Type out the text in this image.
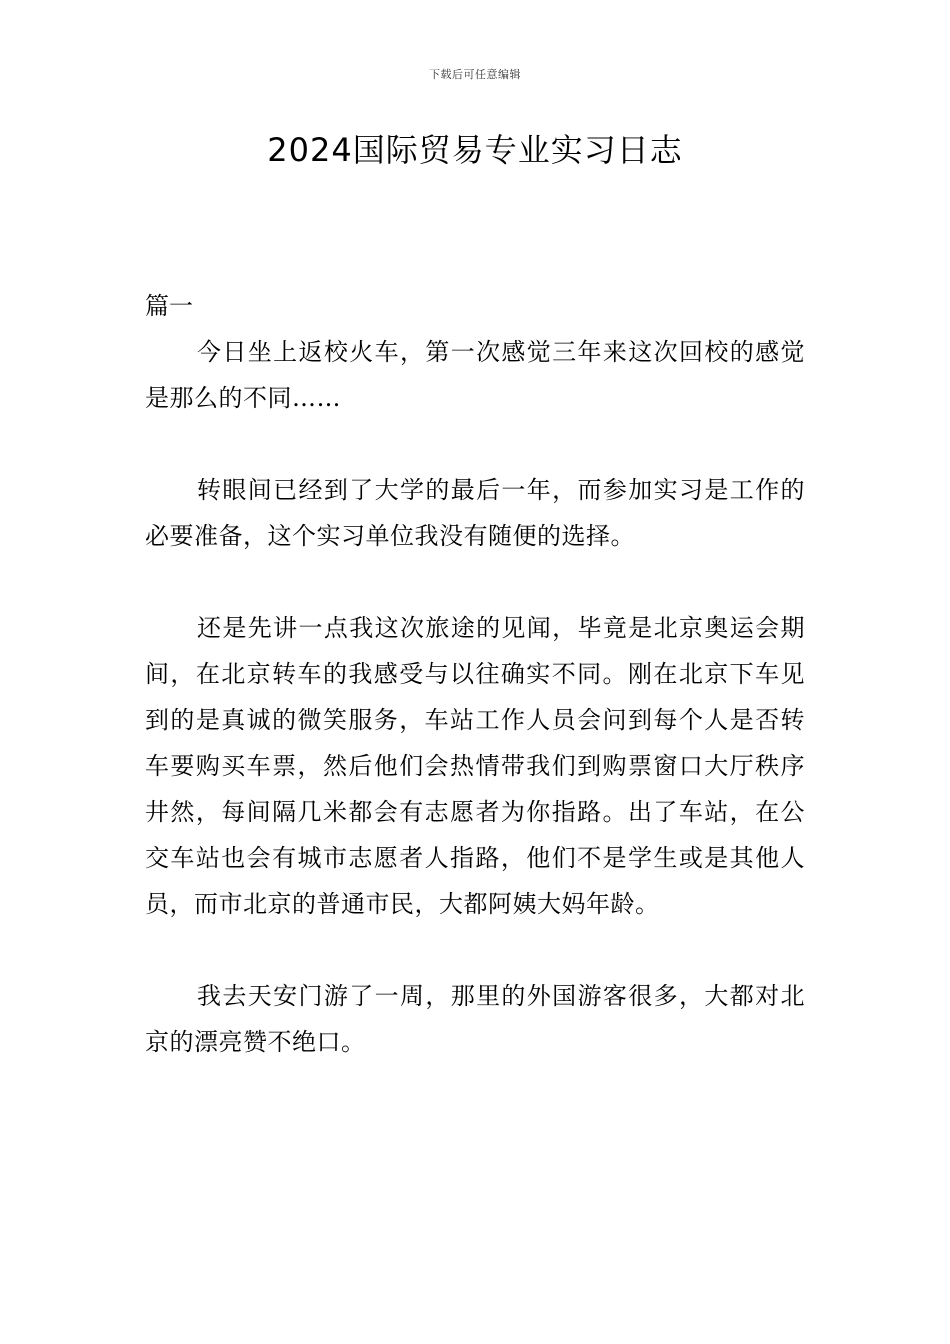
下载后可任意编辑
2024国际贸易专业实习日志

篇一

今日坐上返校火车，第一次感觉三年来这次回校的感觉是那么的不同……

转眼间已经到了大学的最后一年，而参加实习是工作的必要准备，这个实习单位我没有随便的选择。

还是先讲一点我这次旅途的见闻，毕竟是北京奥运会期间，在北京转车的我感受与以往确实不同。刚在北京下车见到的是真诚的微笑服务，车站工作人员会问到每个人是否转车要购买车票，然后他们会热情带我们到购票窗口大厅秩序井然，每间隔几米都会有志愿者为你指路。出了车站，在公交车站也会有城市志愿者人指路，他们不是学生或是其他人员，而市北京的普通市民，大都阿姨大妈年龄。

我去天安门游了一周，那里的外国游客很多，大都对北京的漂亮赞不绝口。
